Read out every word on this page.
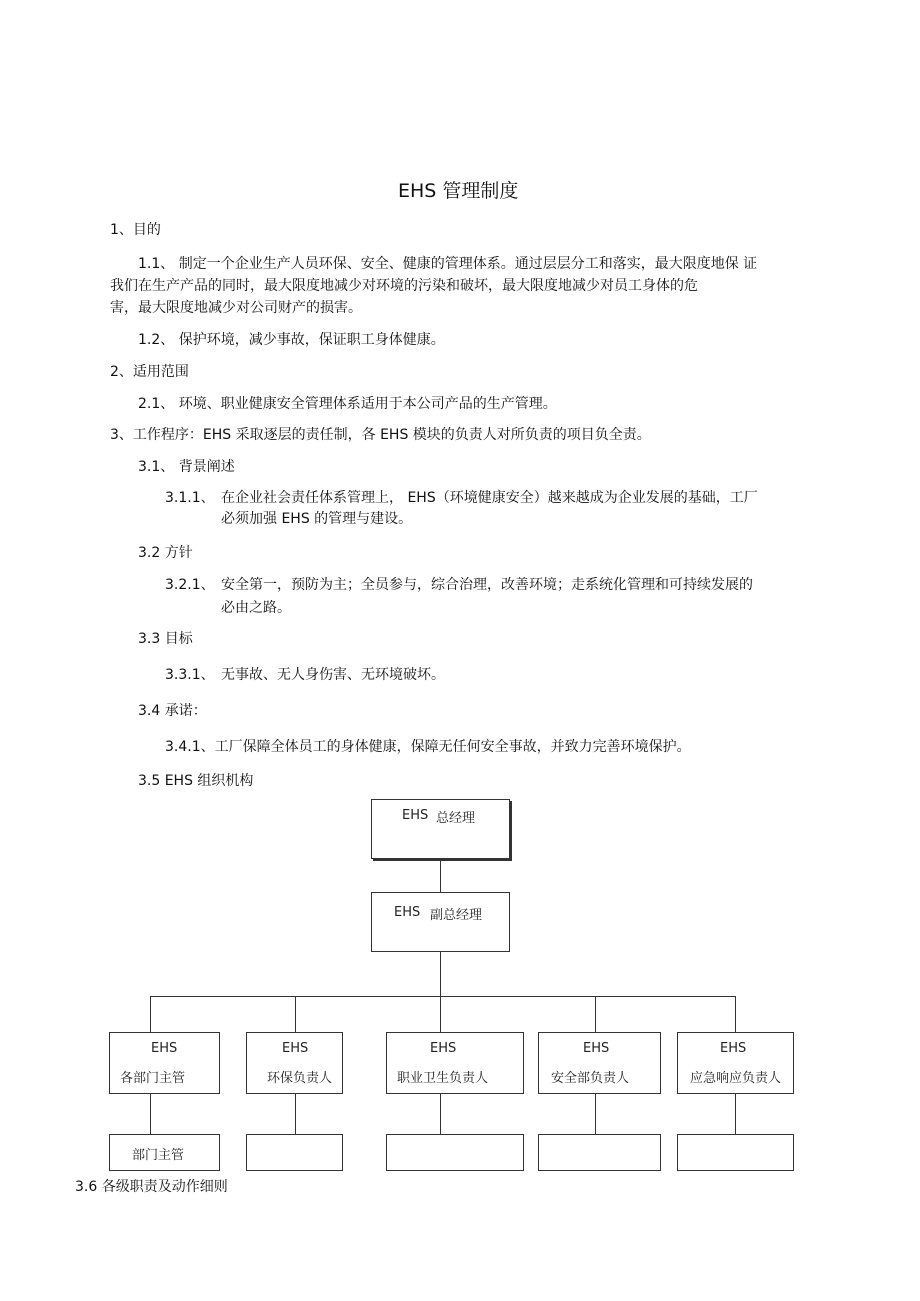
EHS 管理制度
1、目的
1.1、 制定一个企业生产人员环保、安全、健康的管理体系。通过层层分工和落实，最大限度地保 证
我们在生产产品的同时，最大限度地减少对环境的污染和破坏，最大限度地减少对员工身体的危
害，最大限度地减少对公司财产的损害。
1.2、 保护环境，减少事故，保证职工身体健康。
2、适用范围
2.1、 环境、职业健康安全管理体系适用于本公司产品的生产管理。
3、工作程序：EHS 采取逐层的责任制，各 EHS 模块的负责人对所负责的项目负全责。
3.1、 背景阐述
3.1.1、 在企业社会责任体系管理上， EHS（环境健康安全）越来越成为企业发展的基础，工厂
必须加强 EHS 的管理与建设。
3.2 方针
3.2.1、 安全第一，预防为主；全员参与，综合治理，改善环境；走系统化管理和可持续发展的
必由之路。
3.3 目标
3.3.1、 无事故、无人身伤害、无环境破坏。
3.4 承诺：
3.4.1、工厂保障全体员工的身体健康，保障无任何安全事故，并致力完善环境保护。
3.5 EHS 组织机构
EHS 总经理
EHS 副总经理
EHS
各部门主管
EHS
环保负责人
EHS
职业卫生负责人
EHS
安全部负责人
EHS
应急响应负责人
部门主管
3.6 各级职责及动作细则
